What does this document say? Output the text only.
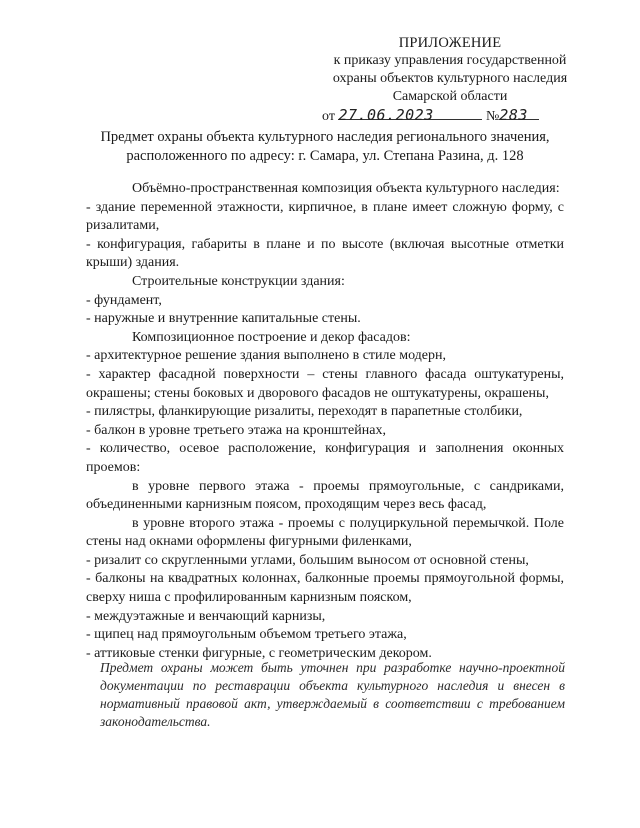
ПРИЛОЖЕНИЕ
к приказу управления государственной
охраны объектов культурного наследия
Самарской области
от 27.06.2023	№283
Предмет охраны объекта культурного наследия регионального значения,
расположенного по адресу: г. Самара, ул. Степана Разина, д. 128

Объёмно-пространственная композиция объекта культурного наследия:

- здание переменной этажности, кирпичное, в плане имеет сложную форму, с ризалитами,

- конфигурация, габариты в плане и по высоте (включая высотные отметки крыши) здания.

Строительные конструкции здания:

- фундамент,

- наружные и внутренние капитальные стены.

Композиционное построение и декор фасадов:

- архитектурное решение здания выполнено в стиле модерн,

- характер фасадной поверхности – стены главного фасада оштукатурены, окрашены; стены боковых и дворового фасадов не оштукатурены, окрашены,

- пилястры, фланкирующие ризалиты, переходят в парапетные столбики,

- балкон в уровне третьего этажа на кронштейнах,

- количество, осевое расположение, конфигурация и заполнения оконных проемов:

в уровне первого этажа - проемы прямоугольные, с сандриками, объединенными карнизным поясом, проходящим через весь фасад,

в уровне второго этажа - проемы с полуциркульной перемычкой. Поле стены над окнами оформлены фигурными филенками,

- ризалит со скругленными углами, большим выносом от основной стены,

- балконы на квадратных колоннах, балконные проемы прямоугольной формы, сверху ниша с профилированным карнизным пояском,

- междуэтажные и венчающий карнизы,

- щипец над прямоугольным объемом третьего этажа,

- аттиковые стенки фигурные, с геометрическим декором.

Предмет охраны может быть уточнен при разработке научно-проектной документации по реставрации объекта культурного наследия и внесен в нормативный правовой акт, утверждаемый в соответствии с требованием законодательства.
